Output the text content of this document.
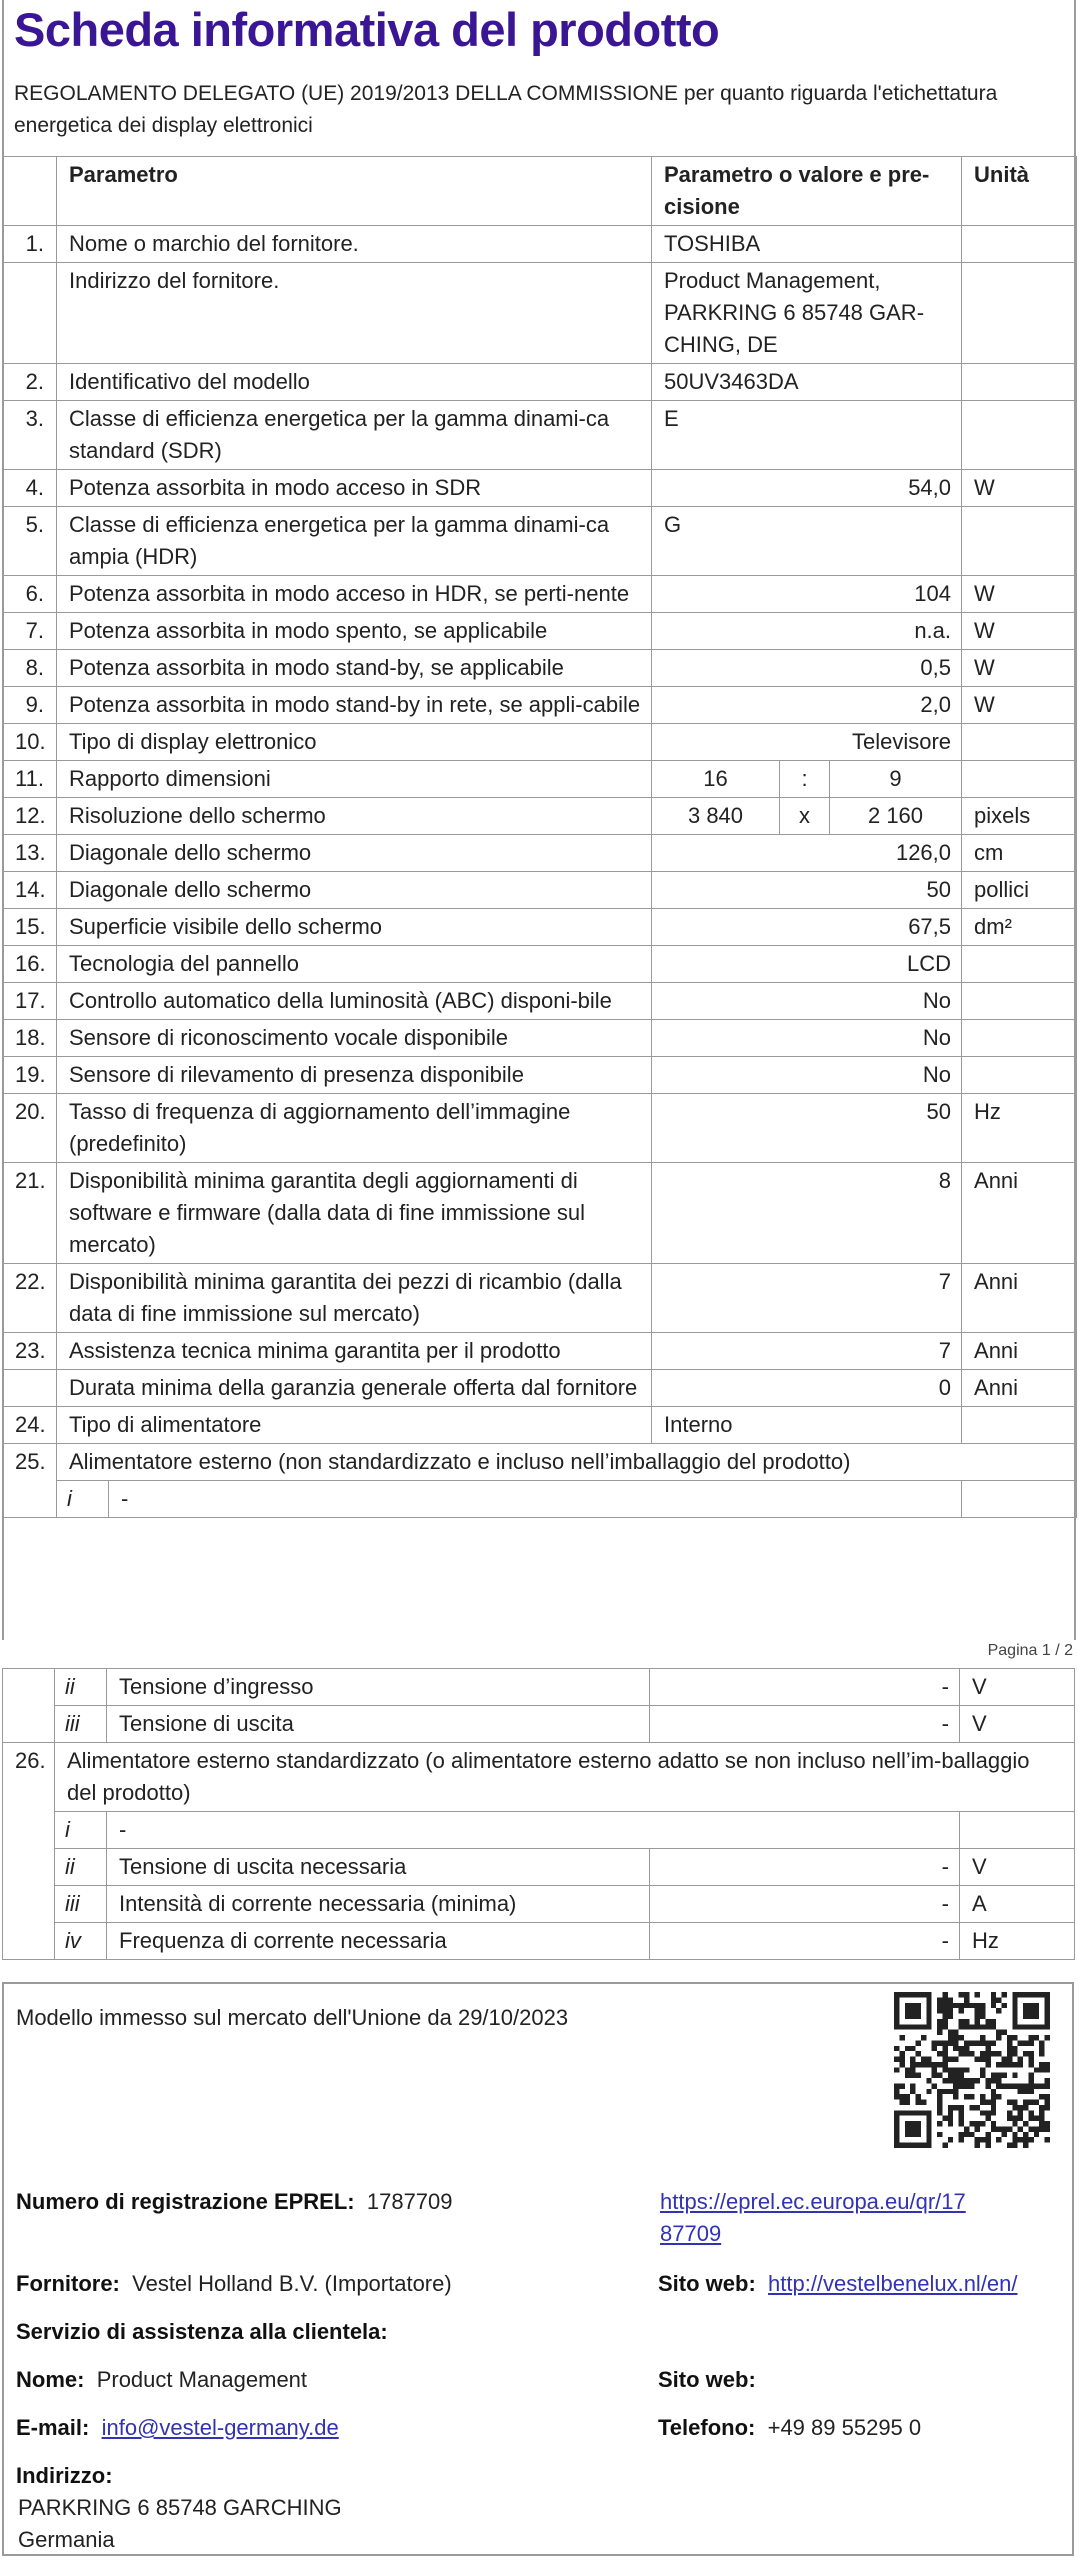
Scheda informativa del prodotto
REGOLAMENTO DELEGATO (UE) 2019/2013 DELLA COMMISSIONE per quanto riguarda l'etichettatura energetica dei display elettronici
	Parametro		Parametro o valore e pre-cisione			Unità
1.	Nome o marchio del fornitore.		TOSHIBA			
	Indirizzo del fornitore.		Product Management, PARKRING 6 85748 GAR-CHING, DE			
2.	Identificativo del modello		50UV3463DA			
3.	Classe di efficienza energetica per la gamma dinami-ca standard (SDR)		E			
4.	Potenza assorbita in modo acceso in SDR		54,0			W
5.	Classe di efficienza energetica per la gamma dinami-ca ampia (HDR)		G			
6.	Potenza assorbita in modo acceso in HDR, se perti-nente		104			W
7.	Potenza assorbita in modo spento, se applicabile		n.a.			W
8.	Potenza assorbita in modo stand-by, se applicabile		0,5			W
9.	Potenza assorbita in modo stand-by in rete, se appli-cabile		2,0			W
10.	Tipo di display elettronico		Televisore			
11.	Rapporto dimensioni		16	:	9	
12.	Risoluzione dello schermo		3 840	x	2 160	pixels
13.	Diagonale dello schermo		126,0			cm
14.	Diagonale dello schermo		50			pollici
15.	Superficie visibile dello schermo		67,5			dm²
16.	Tecnologia del pannello		LCD			
17.	Controllo automatico della luminosità (ABC) disponi-bile		No			
18.	Sensore di riconoscimento vocale disponibile		No			
19.	Sensore di rilevamento di presenza disponibile		No			
20.	Tasso di frequenza di aggiornamento dell’immagine (predefinito)		50			Hz
21.	Disponibilità minima garantita degli aggiornamenti di software e firmware (dalla data di fine immissione sul mercato)		8			Anni
22.	Disponibilità minima garantita dei pezzi di ricambio (dalla data di fine immissione sul mercato)		7			Anni
23.	Assistenza tecnica minima garantita per il prodotto		7			Anni
	Durata minima della garanzia generale offerta dal fornitore		0			Anni
24.	Tipo di alimentatore		Interno			
25.	Alimentatore esterno (non standardizzato e incluso nell’imballaggio del prodotto)					
	i	-				
Pagina 1 / 2
	ii	Tensione d’ingresso	-	V
	iii	Tensione di uscita	-	V
26.	Alimentatore esterno standardizzato (o alimentatore esterno adatto se non incluso nell’im-ballaggio del prodotto)			
	i	-		
	ii	Tensione di uscita necessaria	-	V
	iii	Intensità di corrente necessaria (minima)	-	A
	iv	Frequenza di corrente necessaria	-	Hz
Modello immesso sul mercato dell'Unione da 29/10/2023
Numero di registrazione EPREL: 1787709	https://eprel.ec.europa.eu/qr/17
87709
Fornitore: Vestel Holland B.V. (Importatore)	Sito web: http://vestelbenelux.nl/en/
Servizio di assistenza alla clientela:
Nome: Product Management	Sito web:
E-mail: info@vestel-germany.de	Telefono: +49 89 55295 0
Indirizzo:
PARKRING 6 85748 GARCHING
Germania
